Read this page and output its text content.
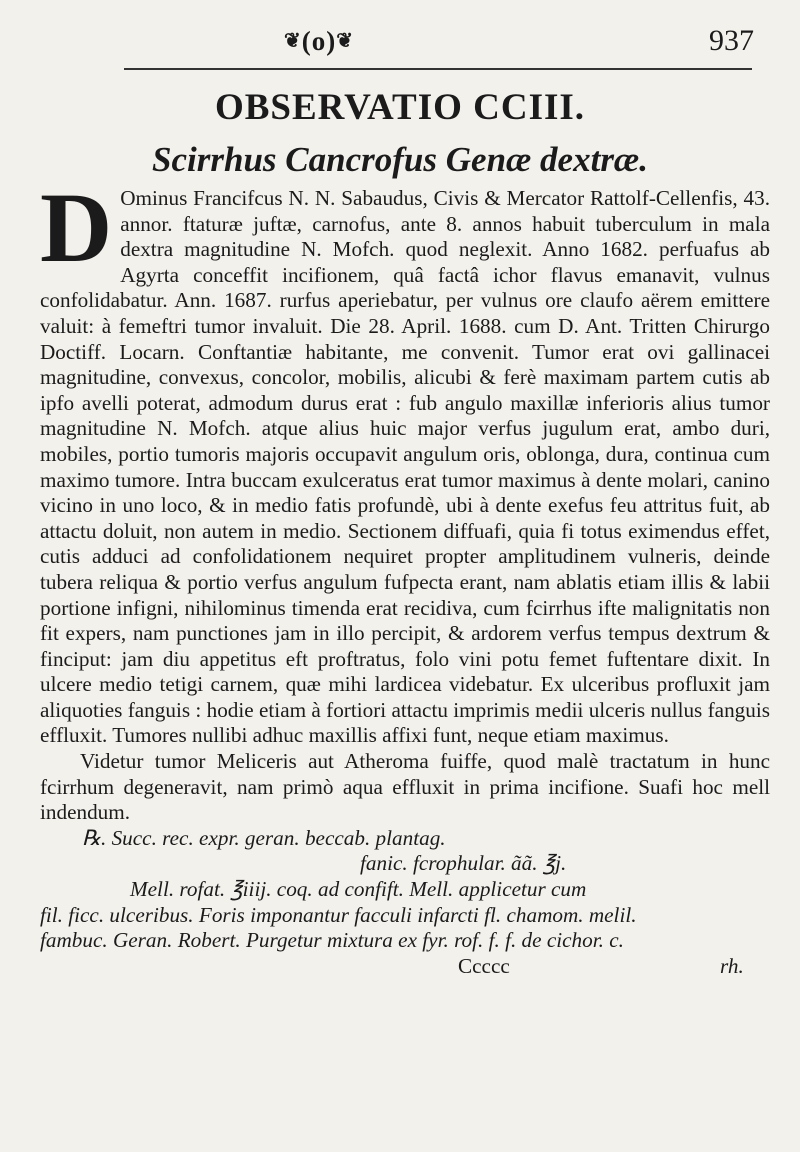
❦(o)❦	937
OBSERVATIO CCIII.
Scirrhus Cancrofus Genæ dextræ.

D Ominus Francifcus N. N. Sabaudus, Civis & Mercator Rattolf-Cellenfis, 43. annor. ftaturæ juftæ, carnofus, ante 8. annos habuit tuberculum in mala dextra magnitudine N. Mofch. quod neglexit. Anno 1682. perfuafus ab Agyrta conceffit incifionem, quâ factâ ichor flavus emanavit, vulnus confolidabatur. Ann. 1687. rurfus aperiebatur, per vulnus ore claufo aërem emittere valuit: à femeftri tumor invaluit. Die 28. April. 1688. cum D. Ant. Tritten Chirurgo Doctiff. Locarn. Conftantiæ habitante, me convenit. Tumor erat ovi gallinacei magnitudine, convexus, concolor, mobilis, alicubi & ferè maximam partem cutis ab ipfo avelli poterat, admodum durus erat : fub angulo maxillæ inferioris alius tumor magnitudine N. Mofch. atque alius huic major verfus jugulum erat, ambo duri, mobiles, portio tumoris majoris occupavit angulum oris, oblonga, dura, continua cum maximo tumore. Intra buccam exulceratus erat tumor maximus à dente molari, canino vicino in uno loco, & in medio fatis profundè, ubi à dente exefus feu attritus fuit, ab attactu doluit, non autem in medio. Sectionem diffuafi, quia fi totus eximendus effet, cutis adduci ad confolidationem nequiret propter amplitudinem vulneris, deinde tubera reliqua & portio verfus angulum fufpecta erant, nam ablatis etiam illis & labii portione infigni, nihilominus timenda erat recidiva, cum fcirrhus ifte malignitatis non fit expers, nam punctiones jam in illo percipit, & ardorem verfus tempus dextrum & finciput: jam diu appetitus eft proftratus, folo vini potu femet fuftentare dixit. In ulcere medio tetigi carnem, quæ mihi lardicea videbatur. Ex ulceribus profluxit jam aliquoties fanguis : hodie etiam à fortiori attactu imprimis medii ulceris nullus fanguis effluxit. Tumores nullibi adhuc maxillis affixi funt, neque etiam maximus.

Videtur tumor Meliceris aut Atheroma fuiffe, quod malè tractatum in hunc fcirrhum degeneravit, nam primò aqua effluxit in prima incifione. Suafi hoc mell indendum.

℞. Succ. rec. expr. geran. beccab. plantag.
fanic. fcrophular. ãã. ℥j.
Mell. rofat. ℥iiij. coq. ad confift. Mell. applicetur cum
fil. ficc. ulceribus. Foris imponantur facculi infarcti fl. chamom. melil.
fambuc. Geran. Robert. Purgetur mixtura ex fyr. rof. f. f. de cichor. c.
Ccccc	rh.
